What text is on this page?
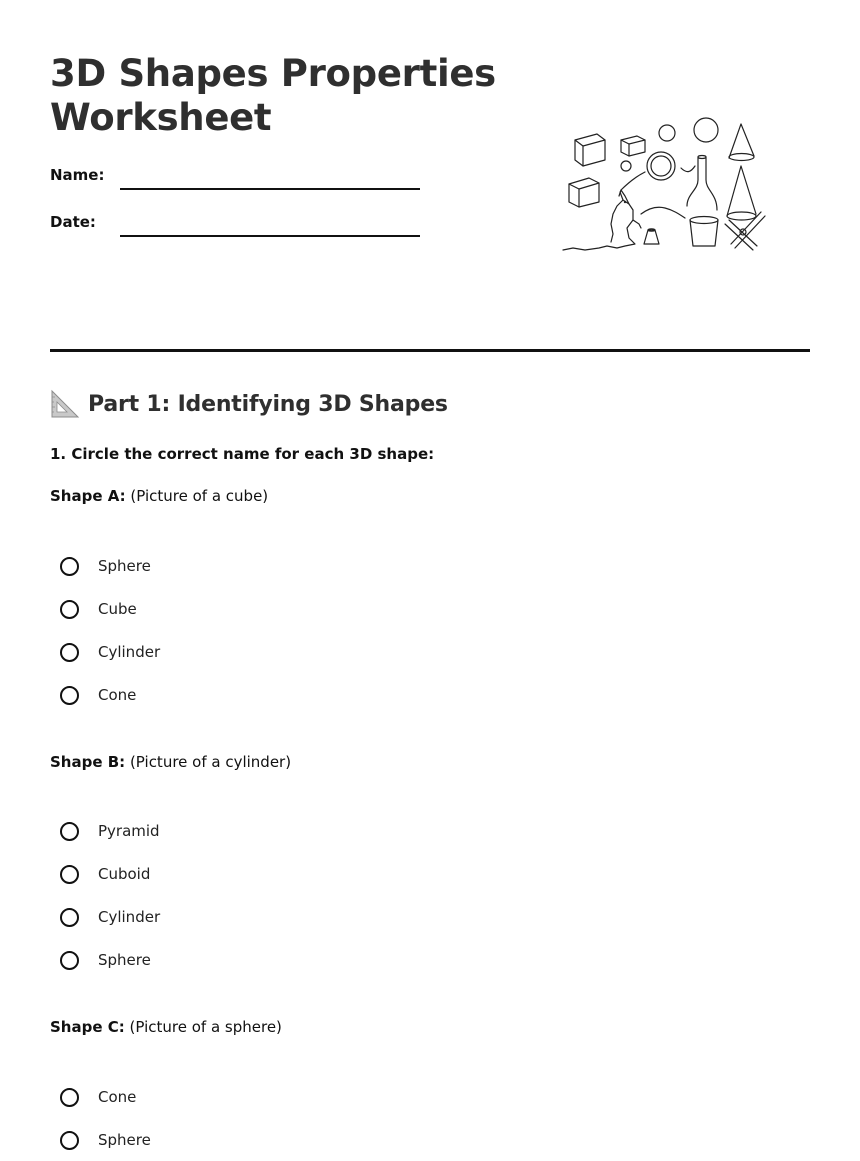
3D Shapes Properties
Worksheet
Name:
Date:
Part 1: Identifying 3D Shapes

1. Circle the correct name for each 3D shape:

Shape A: (Picture of a cube)

Sphere
Cube
Cylinder
Cone

Shape B: (Picture of a cylinder)

Pyramid
Cuboid
Cylinder
Sphere

Shape C: (Picture of a sphere)

Cone
Sphere
